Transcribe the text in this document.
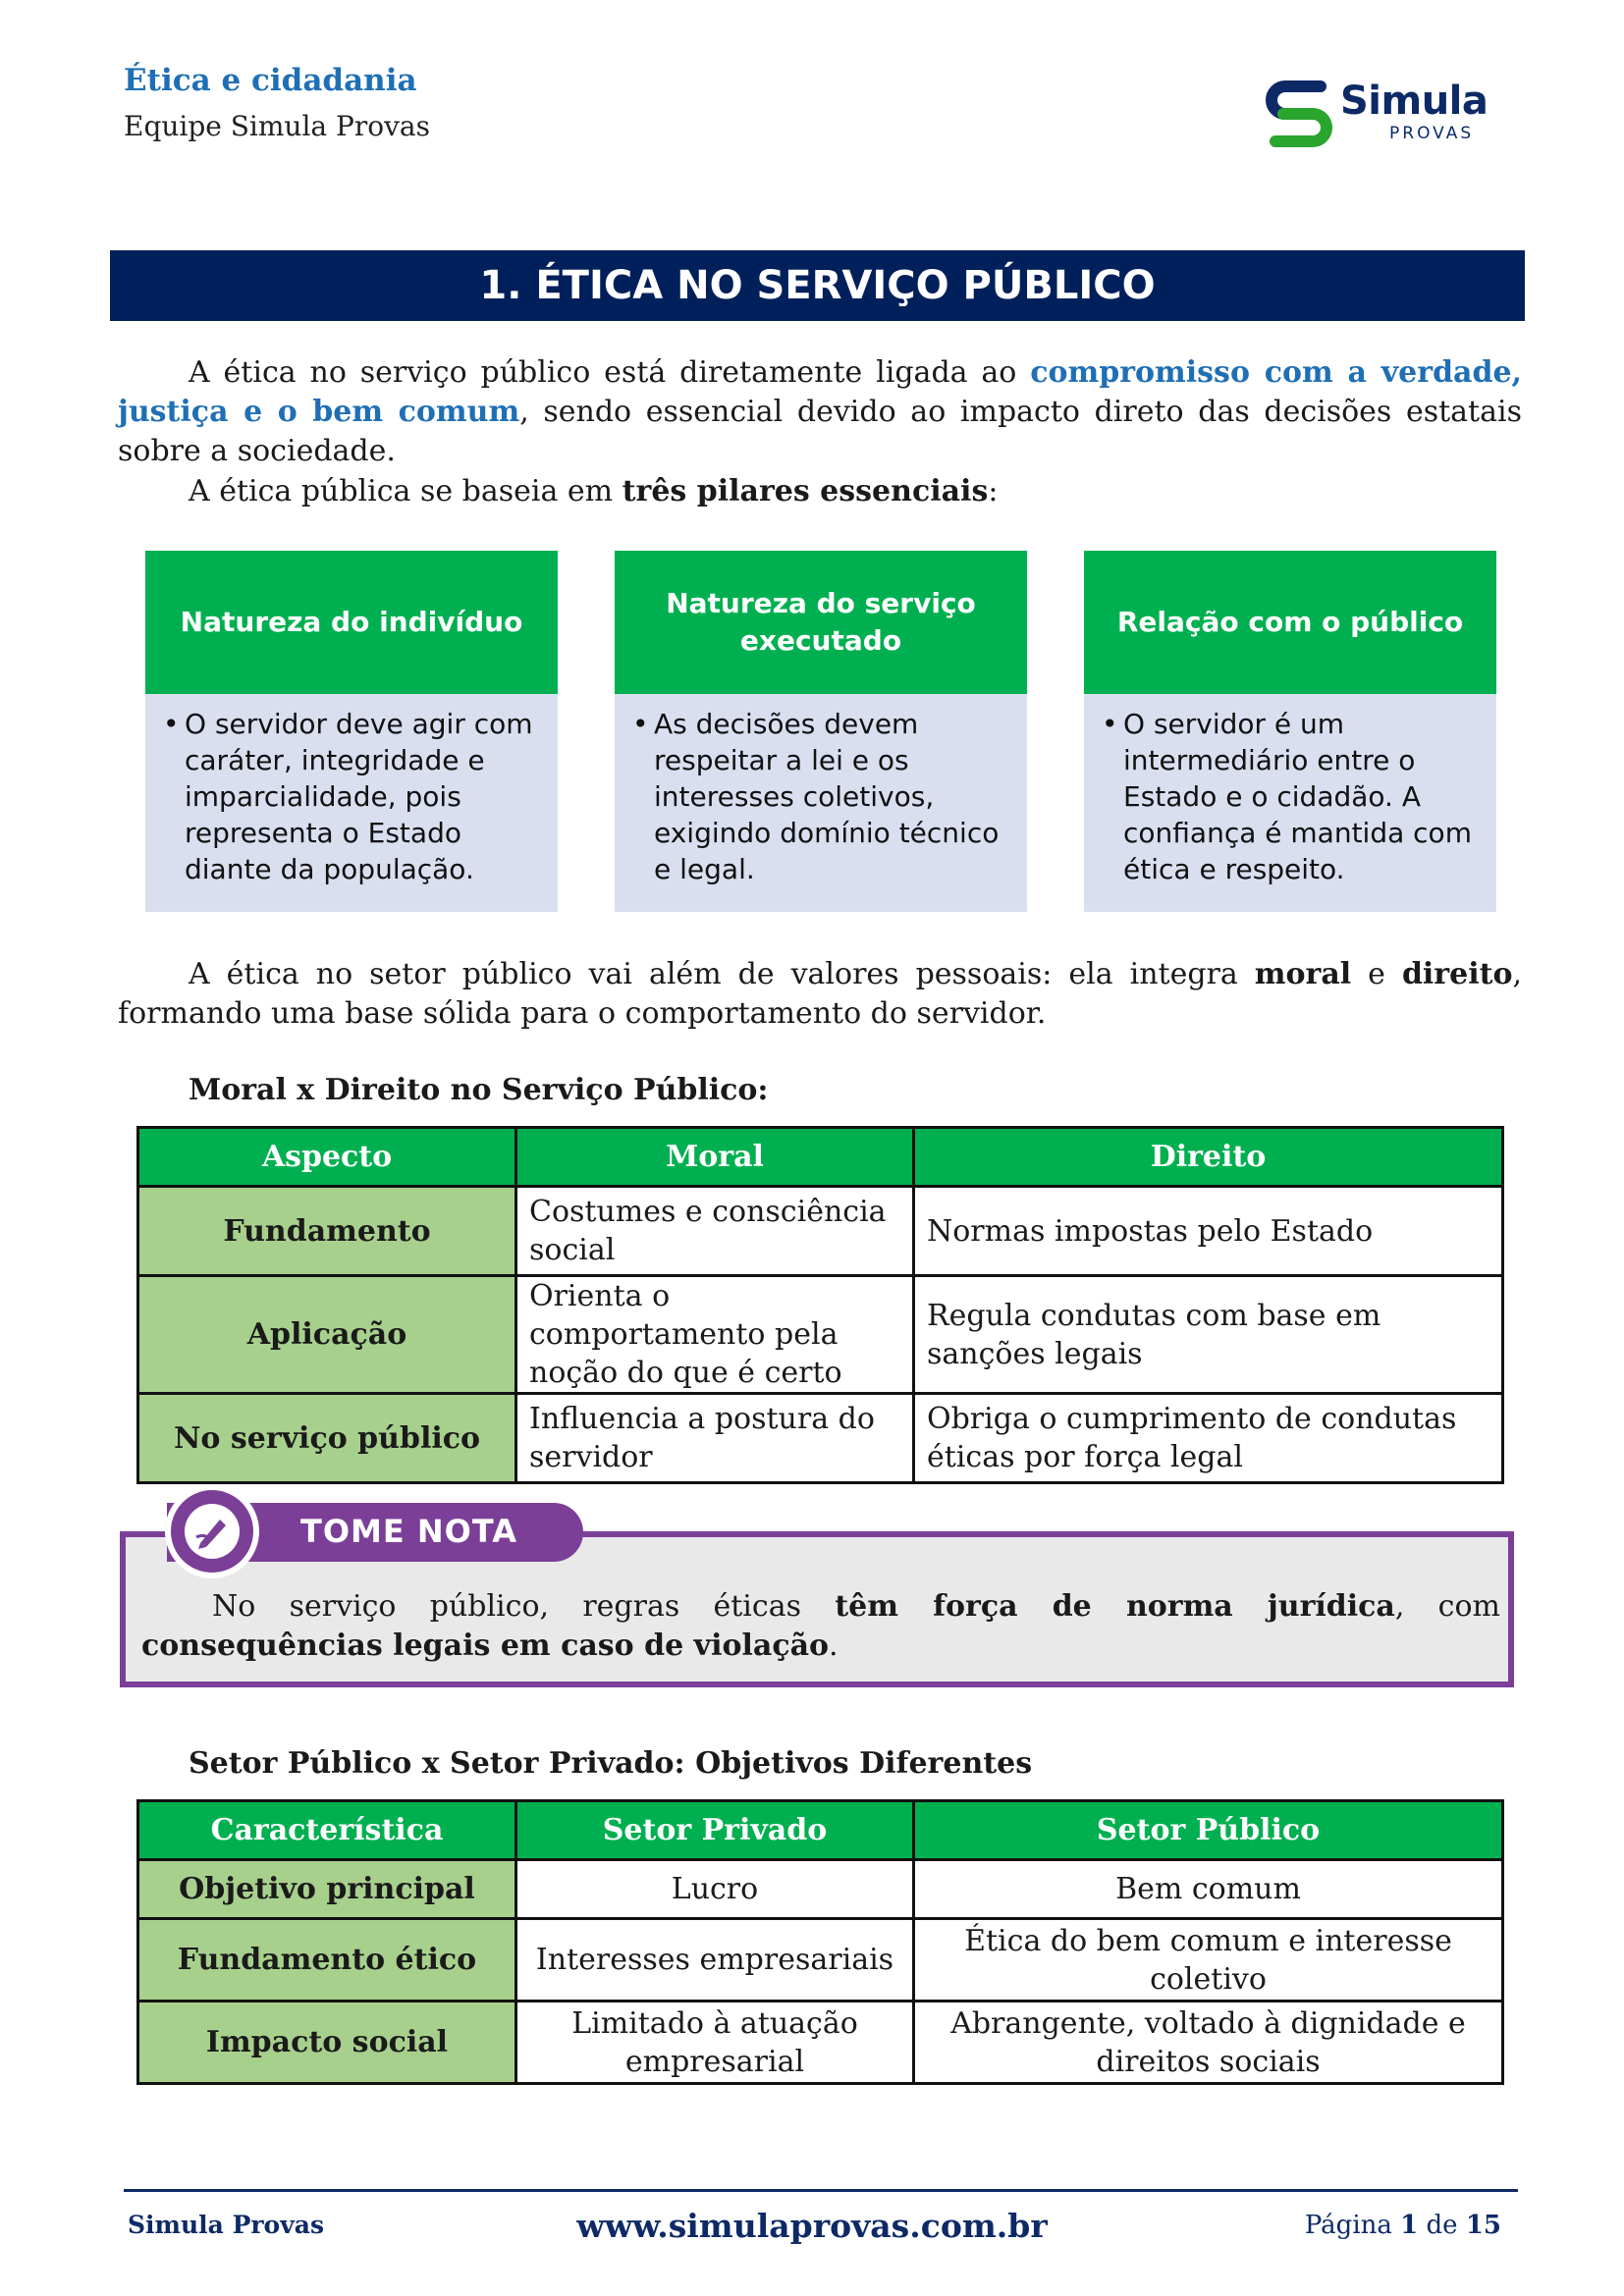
Ética e cidadania
Equipe Simula Provas
Simula
PROVAS
1. ÉTICA NO SERVIÇO PÚBLICO
A ética no serviço público está diretamente ligada ao compromisso com a verdade, justiça e o bem comum, sendo essencial devido ao impacto direto das decisões estatais sobre a sociedade.
A ética pública se baseia em três pilares essenciais:
Natureza do indivíduo
• O servidor deve agir com caráter, integridade e imparcialidade, pois representa o Estado diante da população.
Natureza do serviço executado
• As decisões devem respeitar a lei e os interesses coletivos, exigindo domínio técnico e legal.
Relação com o público
• O servidor é um intermediário entre o Estado e o cidadão. A confiança é mantida com ética e respeito.
A ética no setor público vai além de valores pessoais: ela integra moral e direito, formando uma base sólida para o comportamento do servidor.
Moral x Direito no Serviço Público:
Aspecto	Moral	Direito
Fundamento	Costumes e consciência social	Normas impostas pelo Estado
Aplicação	Orienta o comportamento pela noção do que é certo	Regula condutas com base em sanções legais
No serviço público	Influencia a postura do servidor	Obriga o cumprimento de condutas éticas por força legal
TOME NOTA
No serviço público, regras éticas têm força de norma jurídica, com consequências legais em caso de violação.
Setor Público x Setor Privado: Objetivos Diferentes
Característica	Setor Privado	Setor Público
Objetivo principal	Lucro	Bem comum
Fundamento ético	Interesses empresariais	Ética do bem comum e interesse coletivo
Impacto social	Limitado à atuação empresarial	Abrangente, voltado à dignidade e direitos sociais
Simula Provas	www.simulaprovas.com.br	Página 1 de 15
